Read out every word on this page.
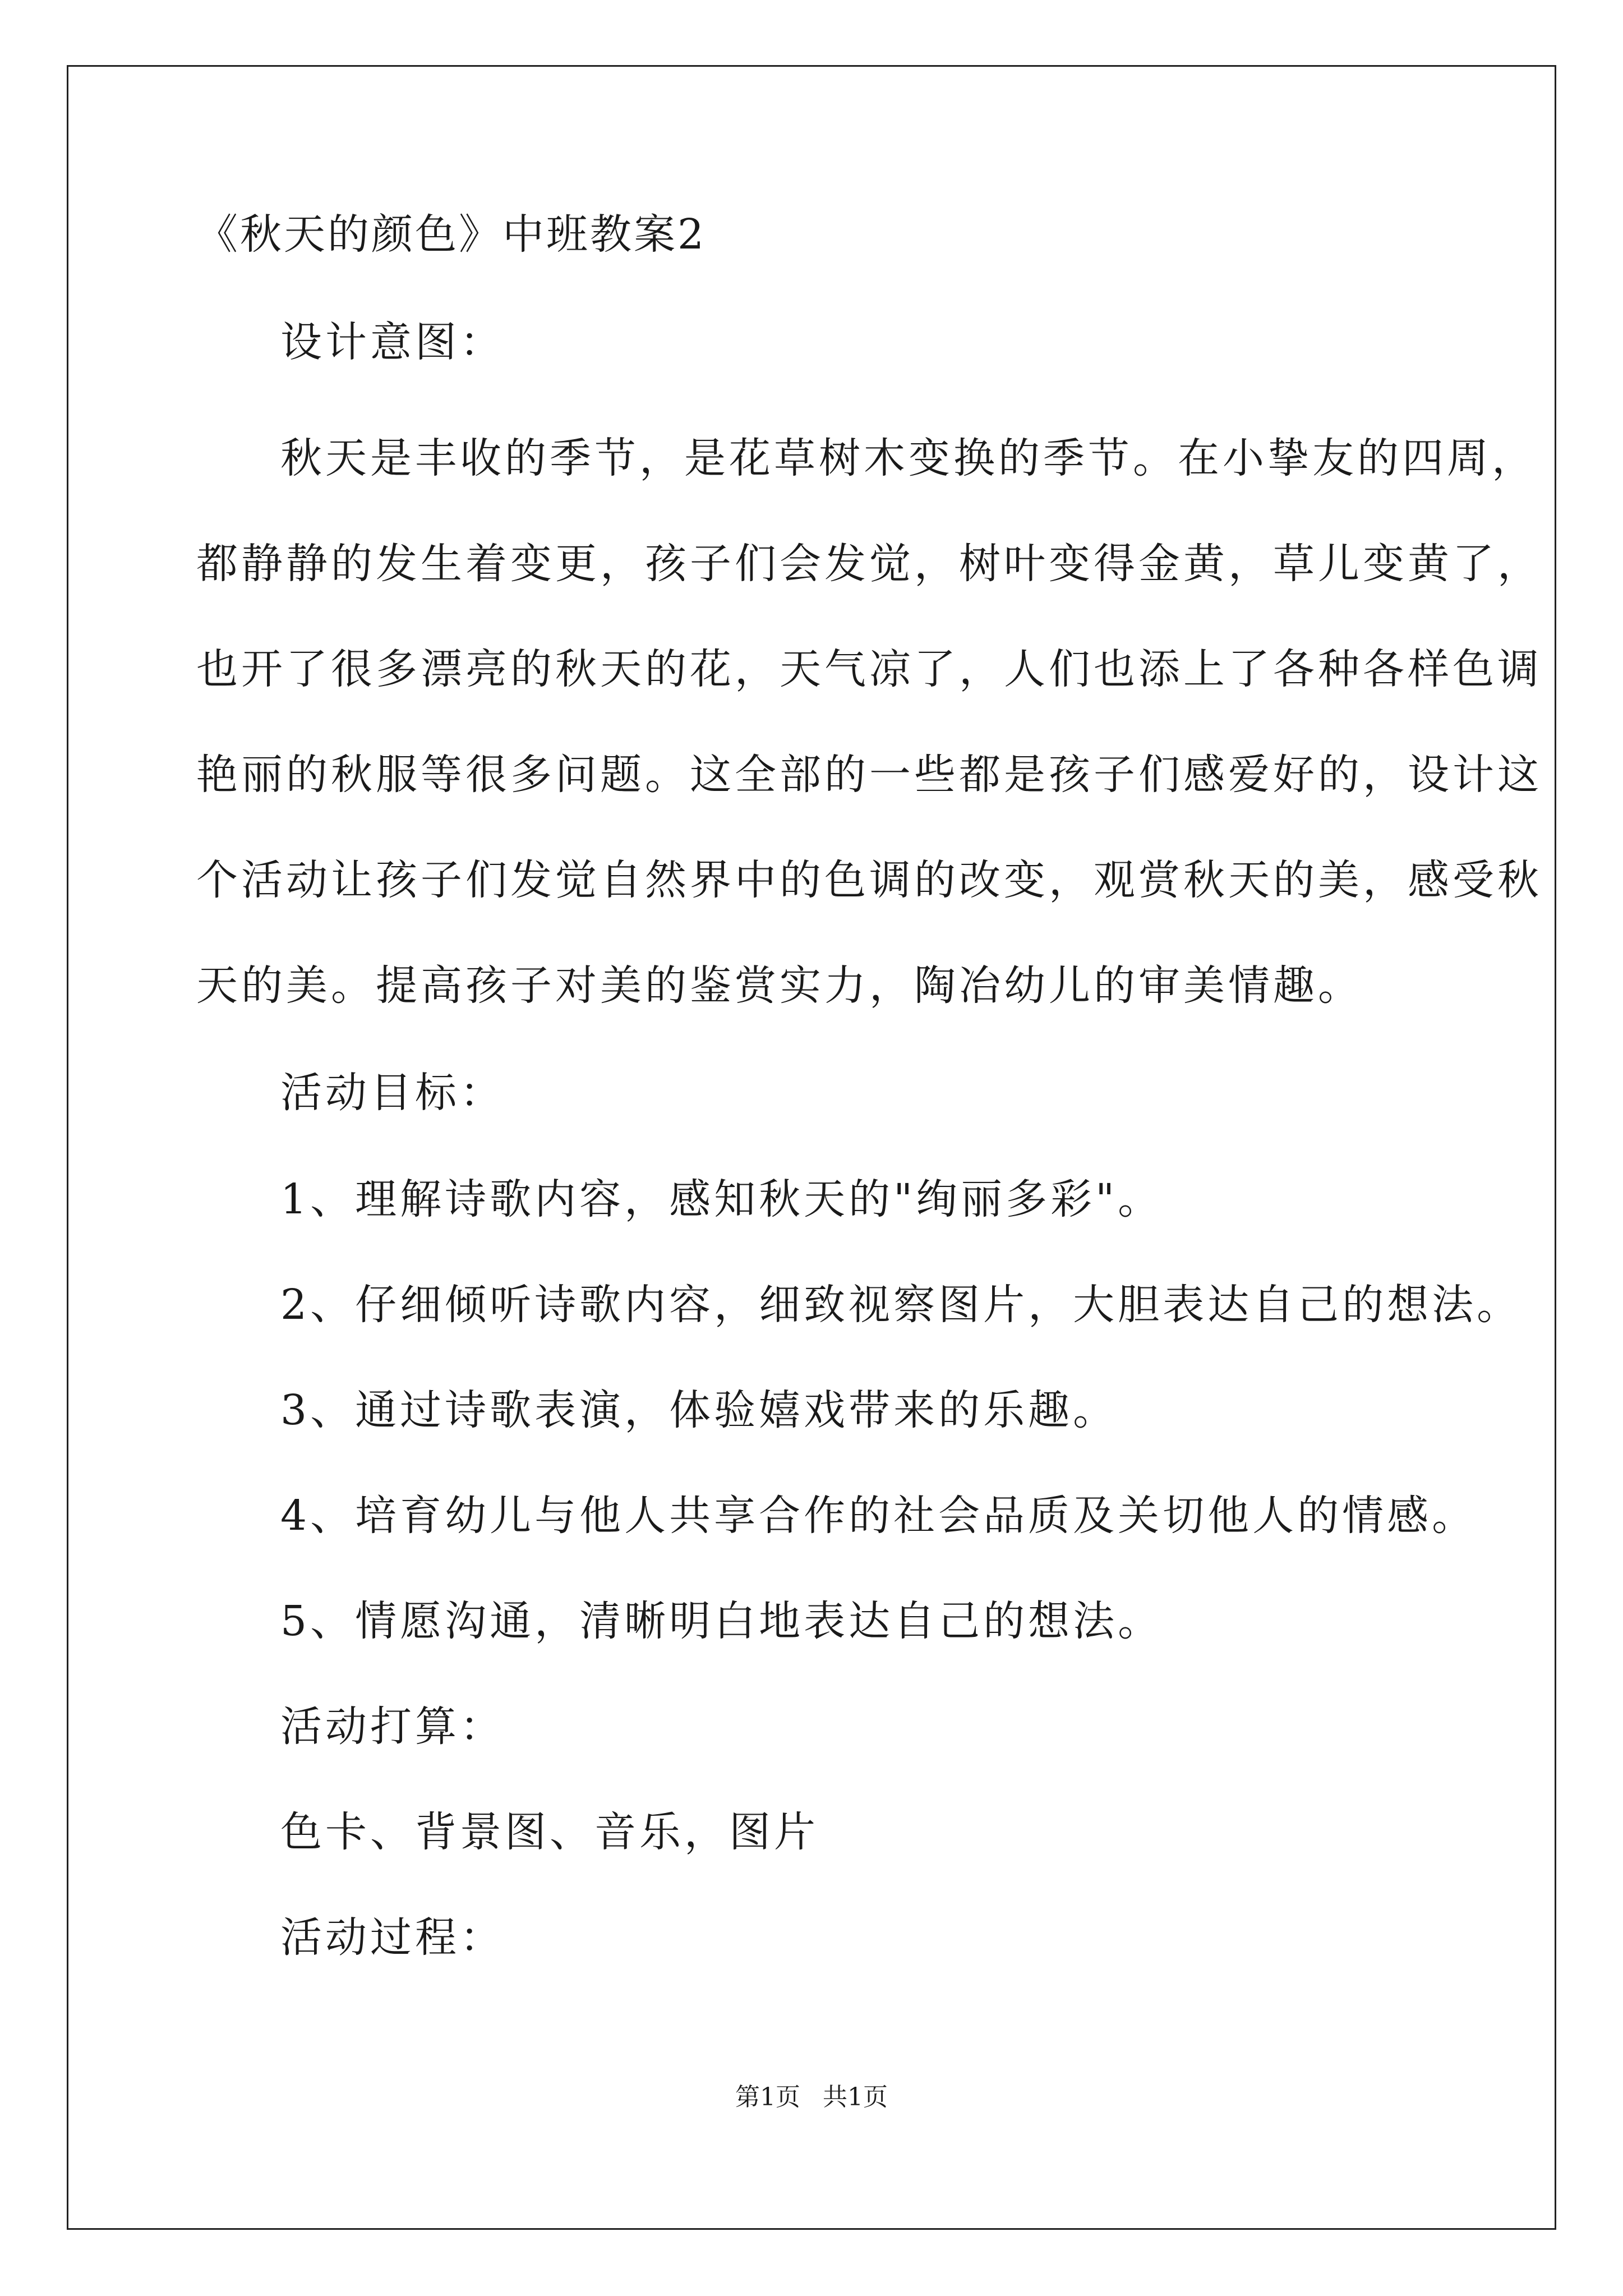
《秋天的颜色》中班教案2
设计意图：
秋天是丰收的季节，是花草树木变换的季节。在小挚友的四周，
都静静的发生着变更，孩子们会发觉，树叶变得金黄，草儿变黄了，
也开了很多漂亮的秋天的花，天气凉了，人们也添上了各种各样色调
艳丽的秋服等很多问题。这全部的一些都是孩子们感爱好的，设计这
个活动让孩子们发觉自然界中的色调的改变，观赏秋天的美，感受秋
天的美。提高孩子对美的鉴赏实力，陶冶幼儿的审美情趣。
活动目标：
1、理解诗歌内容，感知秋天的"绚丽多彩"。
2、仔细倾听诗歌内容，细致视察图片，大胆表达自己的想法。
3、通过诗歌表演，体验嬉戏带来的乐趣。
4、培育幼儿与他人共享合作的社会品质及关切他人的情感。
5、情愿沟通，清晰明白地表达自己的想法。
活动打算：
色卡、背景图、音乐，图片
活动过程：
第1页 共1页
